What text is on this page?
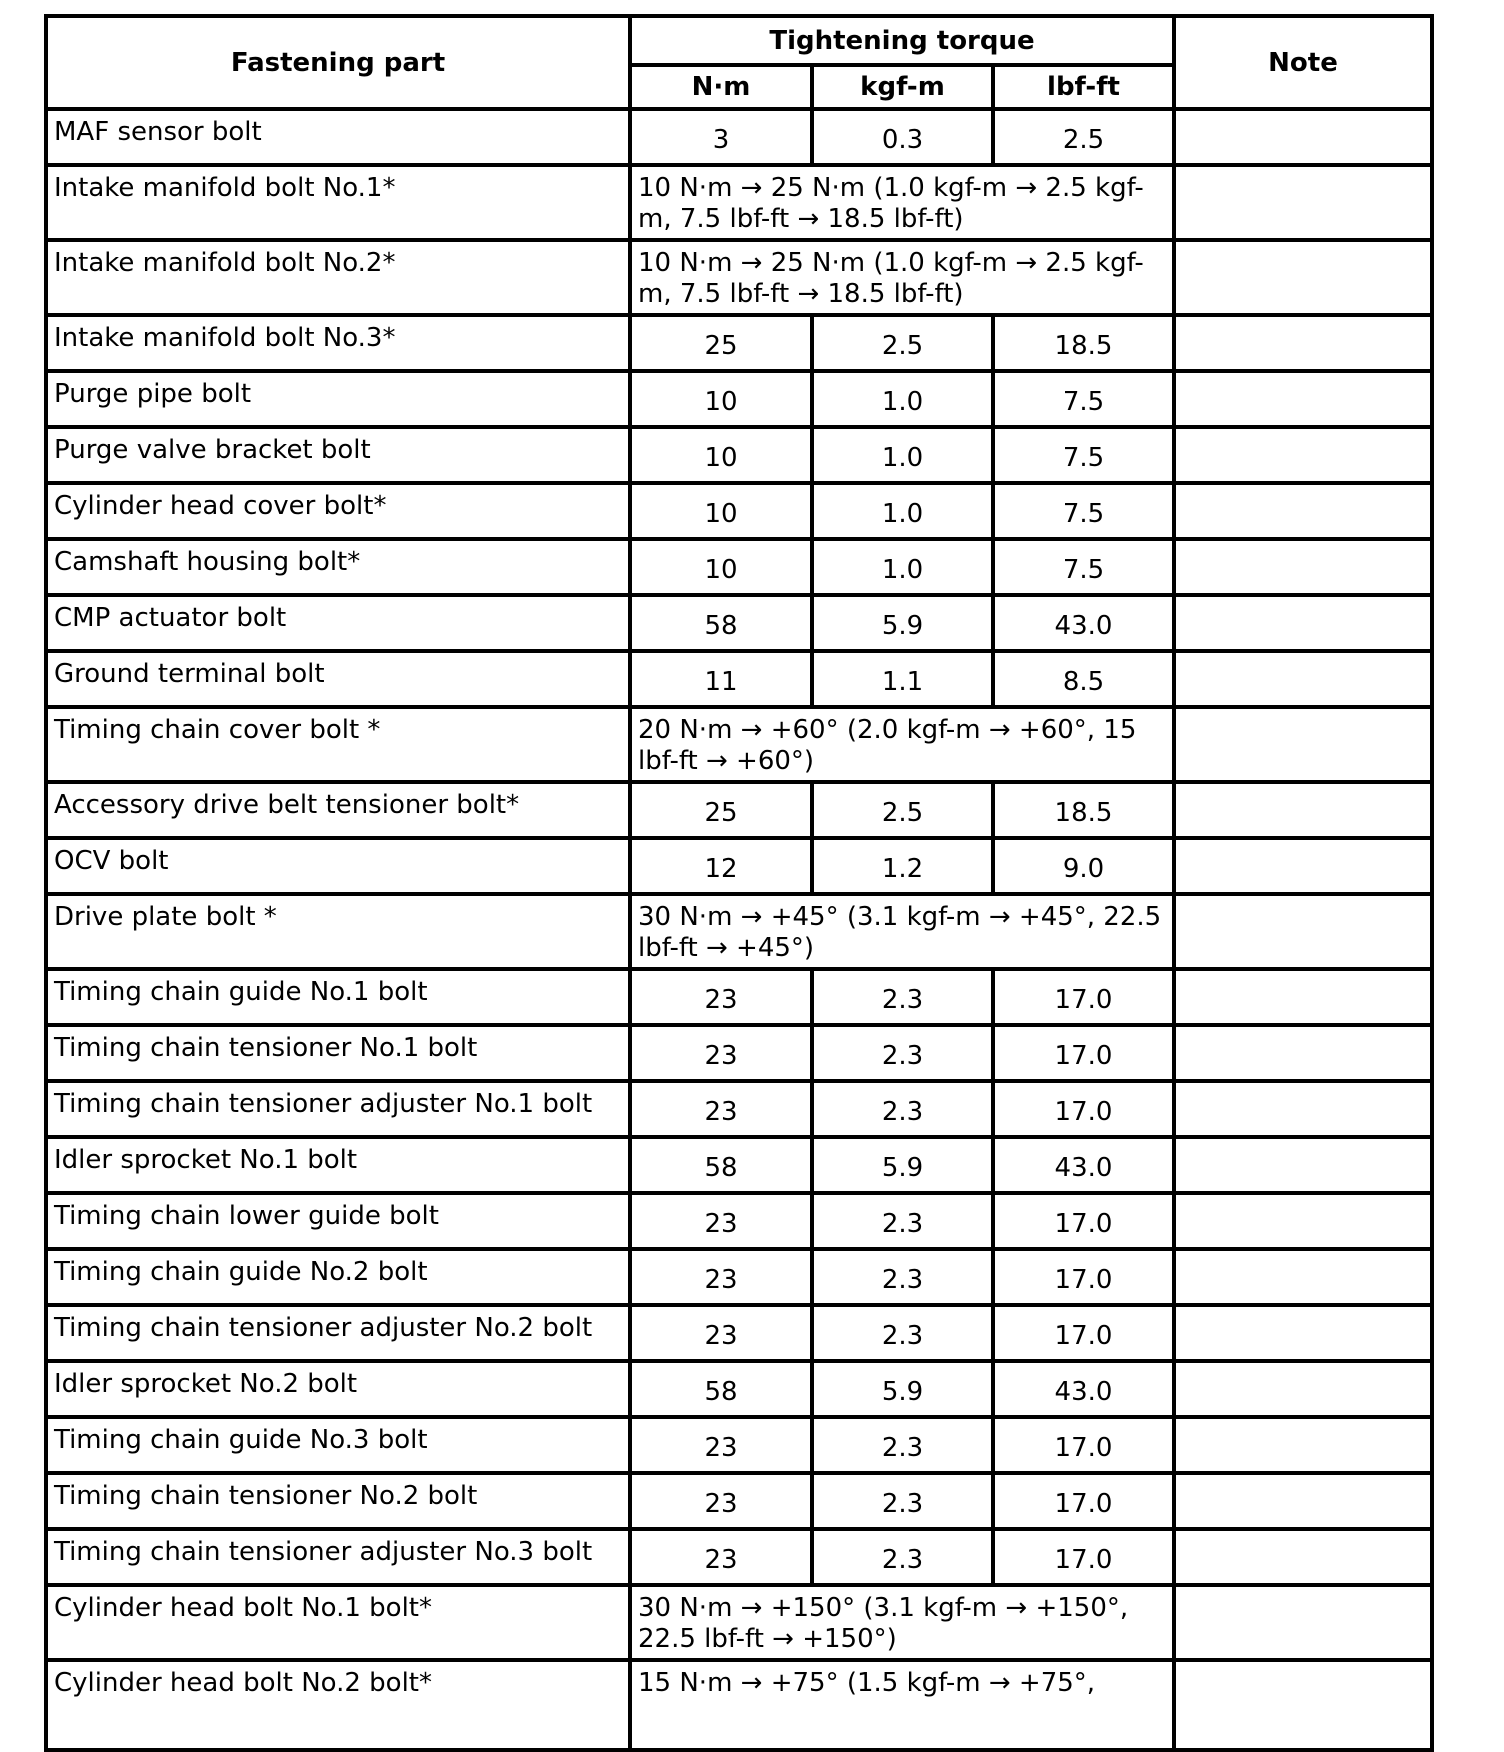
Fastening part	Tightening torque			Note
	N·m	kgf-m	lbf-ft	
MAF sensor bolt	3	0.3	2.5	
Intake manifold bolt No.1*	10 N·m → 25 N·m (1.0 kgf-m → 2.5 kgf-m, 7.5 lbf-ft → 18.5 lbf-ft)			
Intake manifold bolt No.2*	10 N·m → 25 N·m (1.0 kgf-m → 2.5 kgf-m, 7.5 lbf-ft → 18.5 lbf-ft)			
Intake manifold bolt No.3*	25	2.5	18.5	
Purge pipe bolt	10	1.0	7.5	
Purge valve bracket bolt	10	1.0	7.5	
Cylinder head cover bolt*	10	1.0	7.5	
Camshaft housing bolt*	10	1.0	7.5	
CMP actuator bolt	58	5.9	43.0	
Ground terminal bolt	11	1.1	8.5	
Timing chain cover bolt *	20 N·m → +60° (2.0 kgf-m → +60°, 15 lbf-ft → +60°)			
Accessory drive belt tensioner bolt*	25	2.5	18.5	
OCV bolt	12	1.2	9.0	
Drive plate bolt *	30 N·m → +45° (3.1 kgf-m → +45°, 22.5 lbf-ft → +45°)			
Timing chain guide No.1 bolt	23	2.3	17.0	
Timing chain tensioner No.1 bolt	23	2.3	17.0	
Timing chain tensioner adjuster No.1 bolt	23	2.3	17.0	
Idler sprocket No.1 bolt	58	5.9	43.0	
Timing chain lower guide bolt	23	2.3	17.0	
Timing chain guide No.2 bolt	23	2.3	17.0	
Timing chain tensioner adjuster No.2 bolt	23	2.3	17.0	
Idler sprocket No.2 bolt	58	5.9	43.0	
Timing chain guide No.3 bolt	23	2.3	17.0	
Timing chain tensioner No.2 bolt	23	2.3	17.0	
Timing chain tensioner adjuster No.3 bolt	23	2.3	17.0	
Cylinder head bolt No.1 bolt*	30 N·m → +150° (3.1 kgf-m → +150°, 22.5 lbf-ft → +150°)			
Cylinder head bolt No.2 bolt*	15 N·m → +75° (1.5 kgf-m → +75°,			
